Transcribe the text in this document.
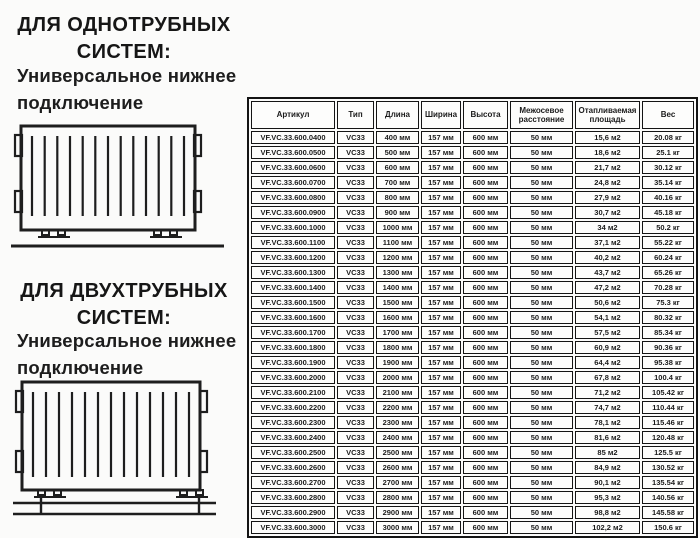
ДЛЯ ОДНОТРУБНЫХ СИСТЕМ:
Универсальное нижнее подключение
ДЛЯ ДВУХТРУБНЫХ СИСТЕМ:
Универсальное нижнее подключение
Артикул	Тип	Длина	Ширина	Высота	Межосевое расстояние	Отапливаемая площадь	Вес
VF.VC.33.600.0400	VC33	400 мм	157 мм	600 мм	50 мм	15,6 м2	20.08 кг
VF.VC.33.600.0500	VC33	500 мм	157 мм	600 мм	50 мм	18,6 м2	25.1 кг
VF.VC.33.600.0600	VC33	600 мм	157 мм	600 мм	50 мм	21,7 м2	30.12 кг
VF.VC.33.600.0700	VC33	700 мм	157 мм	600 мм	50 мм	24,8 м2	35.14 кг
VF.VC.33.600.0800	VC33	800 мм	157 мм	600 мм	50 мм	27,9 м2	40.16 кг
VF.VC.33.600.0900	VC33	900 мм	157 мм	600 мм	50 мм	30,7 м2	45.18 кг
VF.VC.33.600.1000	VC33	1000 мм	157 мм	600 мм	50 мм	34 м2	50.2 кг
VF.VC.33.600.1100	VC33	1100 мм	157 мм	600 мм	50 мм	37,1 м2	55.22 кг
VF.VC.33.600.1200	VC33	1200 мм	157 мм	600 мм	50 мм	40,2 м2	60.24 кг
VF.VC.33.600.1300	VC33	1300 мм	157 мм	600 мм	50 мм	43,7 м2	65.26 кг
VF.VC.33.600.1400	VC33	1400 мм	157 мм	600 мм	50 мм	47,2 м2	70.28 кг
VF.VC.33.600.1500	VC33	1500 мм	157 мм	600 мм	50 мм	50,6 м2	75.3 кг
VF.VC.33.600.1600	VC33	1600 мм	157 мм	600 мм	50 мм	54,1 м2	80.32 кг
VF.VC.33.600.1700	VC33	1700 мм	157 мм	600 мм	50 мм	57,5 м2	85.34 кг
VF.VC.33.600.1800	VC33	1800 мм	157 мм	600 мм	50 мм	60,9 м2	90.36 кг
VF.VC.33.600.1900	VC33	1900 мм	157 мм	600 мм	50 мм	64,4 м2	95.38 кг
VF.VC.33.600.2000	VC33	2000 мм	157 мм	600 мм	50 мм	67,8 м2	100.4 кг
VF.VC.33.600.2100	VC33	2100 мм	157 мм	600 мм	50 мм	71,2 м2	105.42 кг
VF.VC.33.600.2200	VC33	2200 мм	157 мм	600 мм	50 мм	74,7 м2	110.44 кг
VF.VC.33.600.2300	VC33	2300 мм	157 мм	600 мм	50 мм	78,1 м2	115.46 кг
VF.VC.33.600.2400	VC33	2400 мм	157 мм	600 мм	50 мм	81,6 м2	120.48 кг
VF.VC.33.600.2500	VC33	2500 мм	157 мм	600 мм	50 мм	85 м2	125.5 кг
VF.VC.33.600.2600	VC33	2600 мм	157 мм	600 мм	50 мм	84,9 м2	130.52 кг
VF.VC.33.600.2700	VC33	2700 мм	157 мм	600 мм	50 мм	90,1 м2	135.54 кг
VF.VC.33.600.2800	VC33	2800 мм	157 мм	600 мм	50 мм	95,3 м2	140.56 кг
VF.VC.33.600.2900	VC33	2900 мм	157 мм	600 мм	50 мм	98,8 м2	145.58 кг
VF.VC.33.600.3000	VC33	3000 мм	157 мм	600 мм	50 мм	102,2 м2	150.6 кг
